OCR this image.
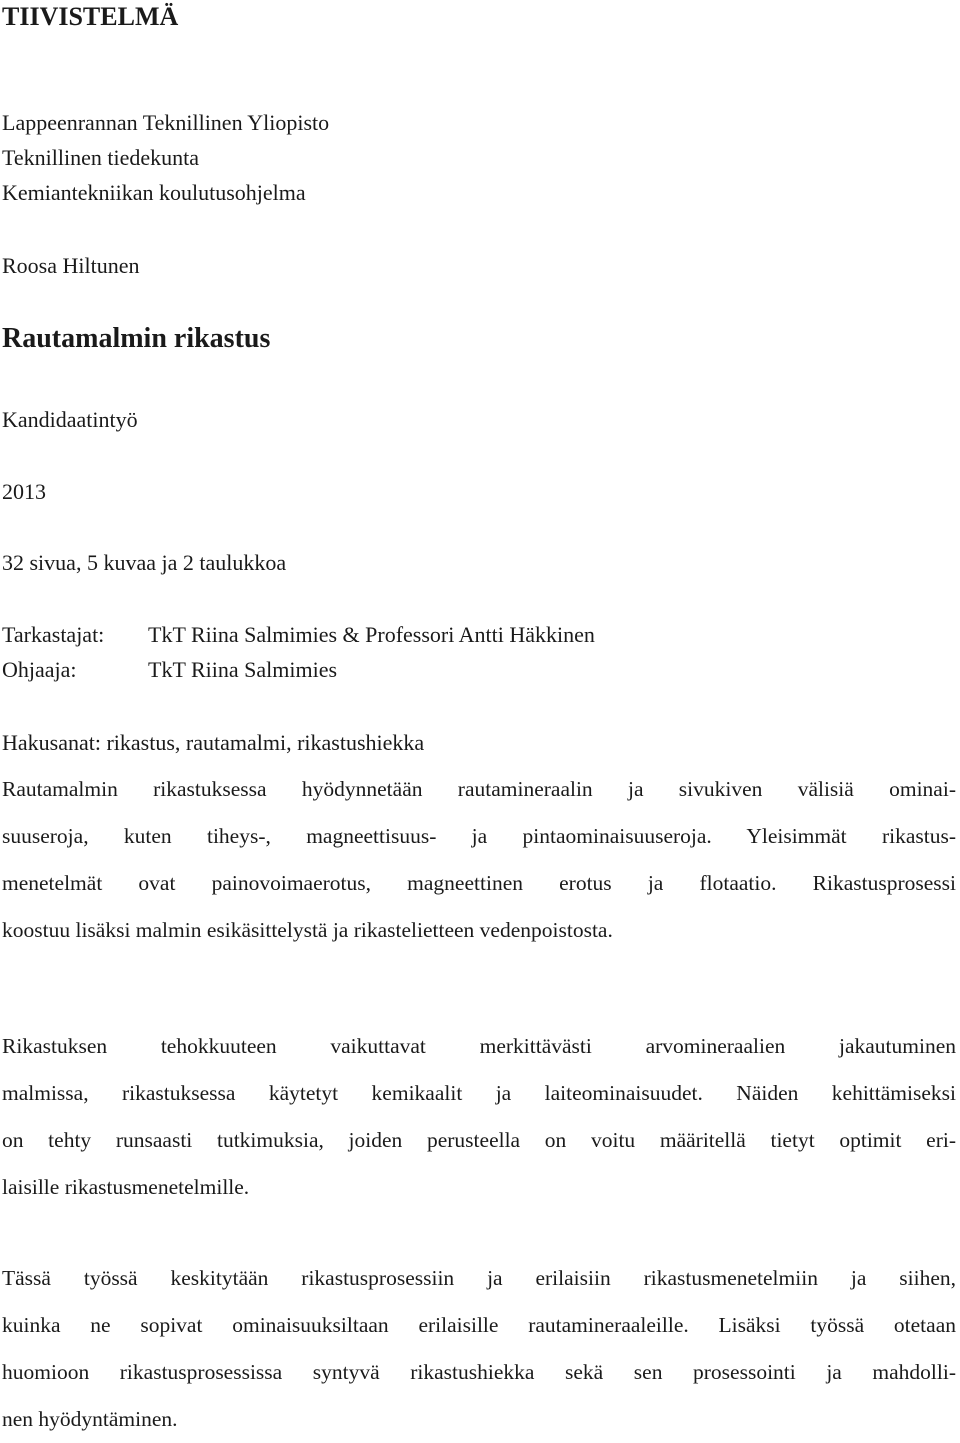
TIIVISTELMÄ
Lappeenrannan Teknillinen Yliopisto
Teknillinen tiedekunta
Kemiantekniikan koulutusohjelma
Roosa Hiltunen
Rautamalmin rikastus
Kandidaatintyö
2013
32 sivua, 5 kuvaa ja 2 taulukkoa
Tarkastajat: TkT Riina Salmimies & Professori Antti Häkkinen
Ohjaaja:	TkT Riina Salmimies
Hakusanat: rikastus, rautamalmi, rikastushiekka
Rautamalmin rikastuksessa hyödynnetään rautamineraalin ja sivukiven välisiä ominai-
suuseroja, kuten tiheys-, magneettisuus- ja pintaominaisuuseroja. Yleisimmät rikastus-
menetelmät ovat painovoimaerotus, magneettinen erotus ja flotaatio. Rikastusprosessi
koostuu lisäksi malmin esikäsittelystä ja rikastelietteen vedenpoistosta.
Rikastuksen tehokkuuteen vaikuttavat merkittävästi arvomineraalien jakautuminen
malmissa, rikastuksessa käytetyt kemikaalit ja laiteominaisuudet. Näiden kehittämiseksi
on tehty runsaasti tutkimuksia, joiden perusteella on voitu määritellä tietyt optimit eri-
laisille rikastusmenetelmille.
Tässä työssä keskitytään rikastusprosessiin ja erilaisiin rikastusmenetelmiin ja siihen,
kuinka ne sopivat ominaisuuksiltaan erilaisille rautamineraaleille. Lisäksi työssä otetaan
huomioon rikastusprosessissa syntyvä rikastushiekka sekä sen prosessointi ja mahdolli-
nen hyödyntäminen.
